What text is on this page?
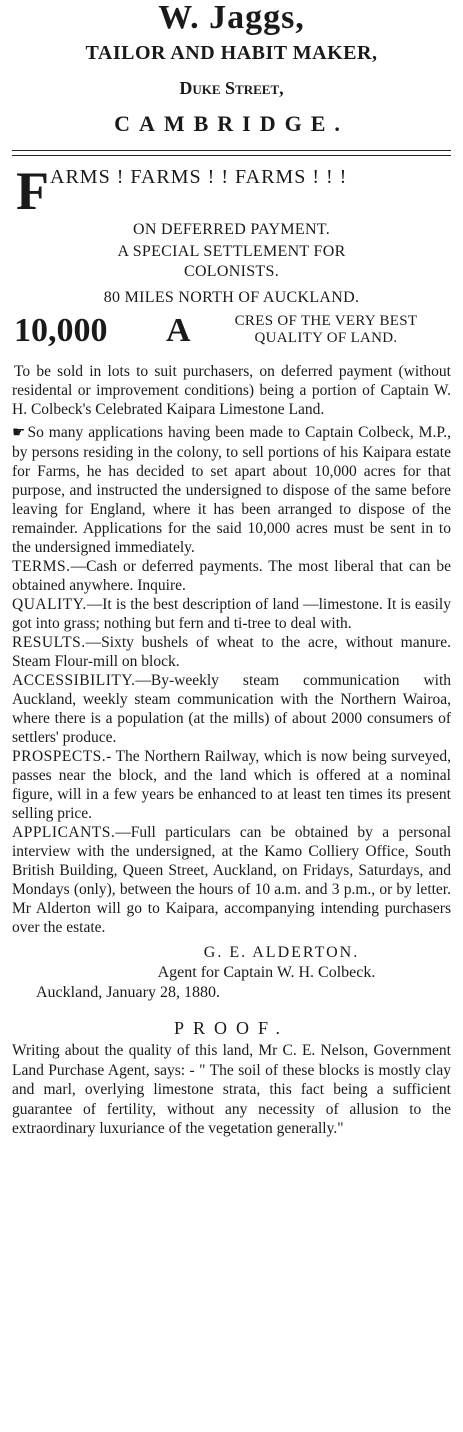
W. Jaggs,
TAILOR AND HABIT MAKER,
Duke Street,
CAMBRIDGE.
F ARMS ! FARMS ! ! FARMS ! ! !
ON DEFERRED PAYMENT.
A SPECIAL SETTLEMENT FOR
COLONISTS.
80 MILES NORTH OF AUCKLAND.
10,000 A	CRES OF THE VERY BEST
QUALITY OF LAND.
To be sold in lots to suit purchasers, on deferred payment (without residental or improvement conditions) being a portion of Captain W. H. Colbeck's Celebrated Kaipara Limestone Land.
☛ So many applications having been made to Captain Colbeck, M.P., by persons residing in the colony, to sell portions of his Kaipara estate for Farms, he has decided to set apart about 10,000 acres for that purpose, and instructed the undersigned to dispose of the same before leaving for England, where it has been arranged to dispose of the remainder. Applications for the said 10,000 acres must be sent in to the undersigned immediately.
TERMS.—Cash or deferred payments. The most liberal that can be obtained anywhere. Inquire.
QUALITY.—It is the best description of land —limestone. It is easily got into grass; nothing but fern and ti-tree to deal with.
RESULTS.—Sixty bushels of wheat to the acre, without manure. Steam Flour-mill on block.
ACCESSIBILITY.—By-weekly steam communication with Auckland, weekly steam communication with the Northern Wairoa, where there is a population (at the mills) of about 2000 consumers of settlers' produce.
PROSPECTS.- The Northern Railway, which is now being surveyed, passes near the block, and the land which is offered at a nominal figure, will in a few years be enhanced to at least ten times its present selling price.
APPLICANTS.—Full particulars can be obtained by a personal interview with the undersigned, at the Kamo Colliery Office, South British Building, Queen Street, Auckland, on Fridays, Saturdays, and Mondays (only), between the hours of 10 a.m. and 3 p.m., or by letter. Mr Alderton will go to Kaipara, accompanying intending purchasers over the estate.
G. E. ALDERTON.
Agent for Captain W. H. Colbeck.
Auckland, January 28, 1880.
PROOF.
Writing about the quality of this land, Mr C. E. Nelson, Government Land Purchase Agent, says: - " The soil of these blocks is mostly clay and marl, overlying limestone strata, this fact being a sufficient guarantee of fertility, without any necessity of allusion to the extraordinary luxuriance of the vegetation generally."
